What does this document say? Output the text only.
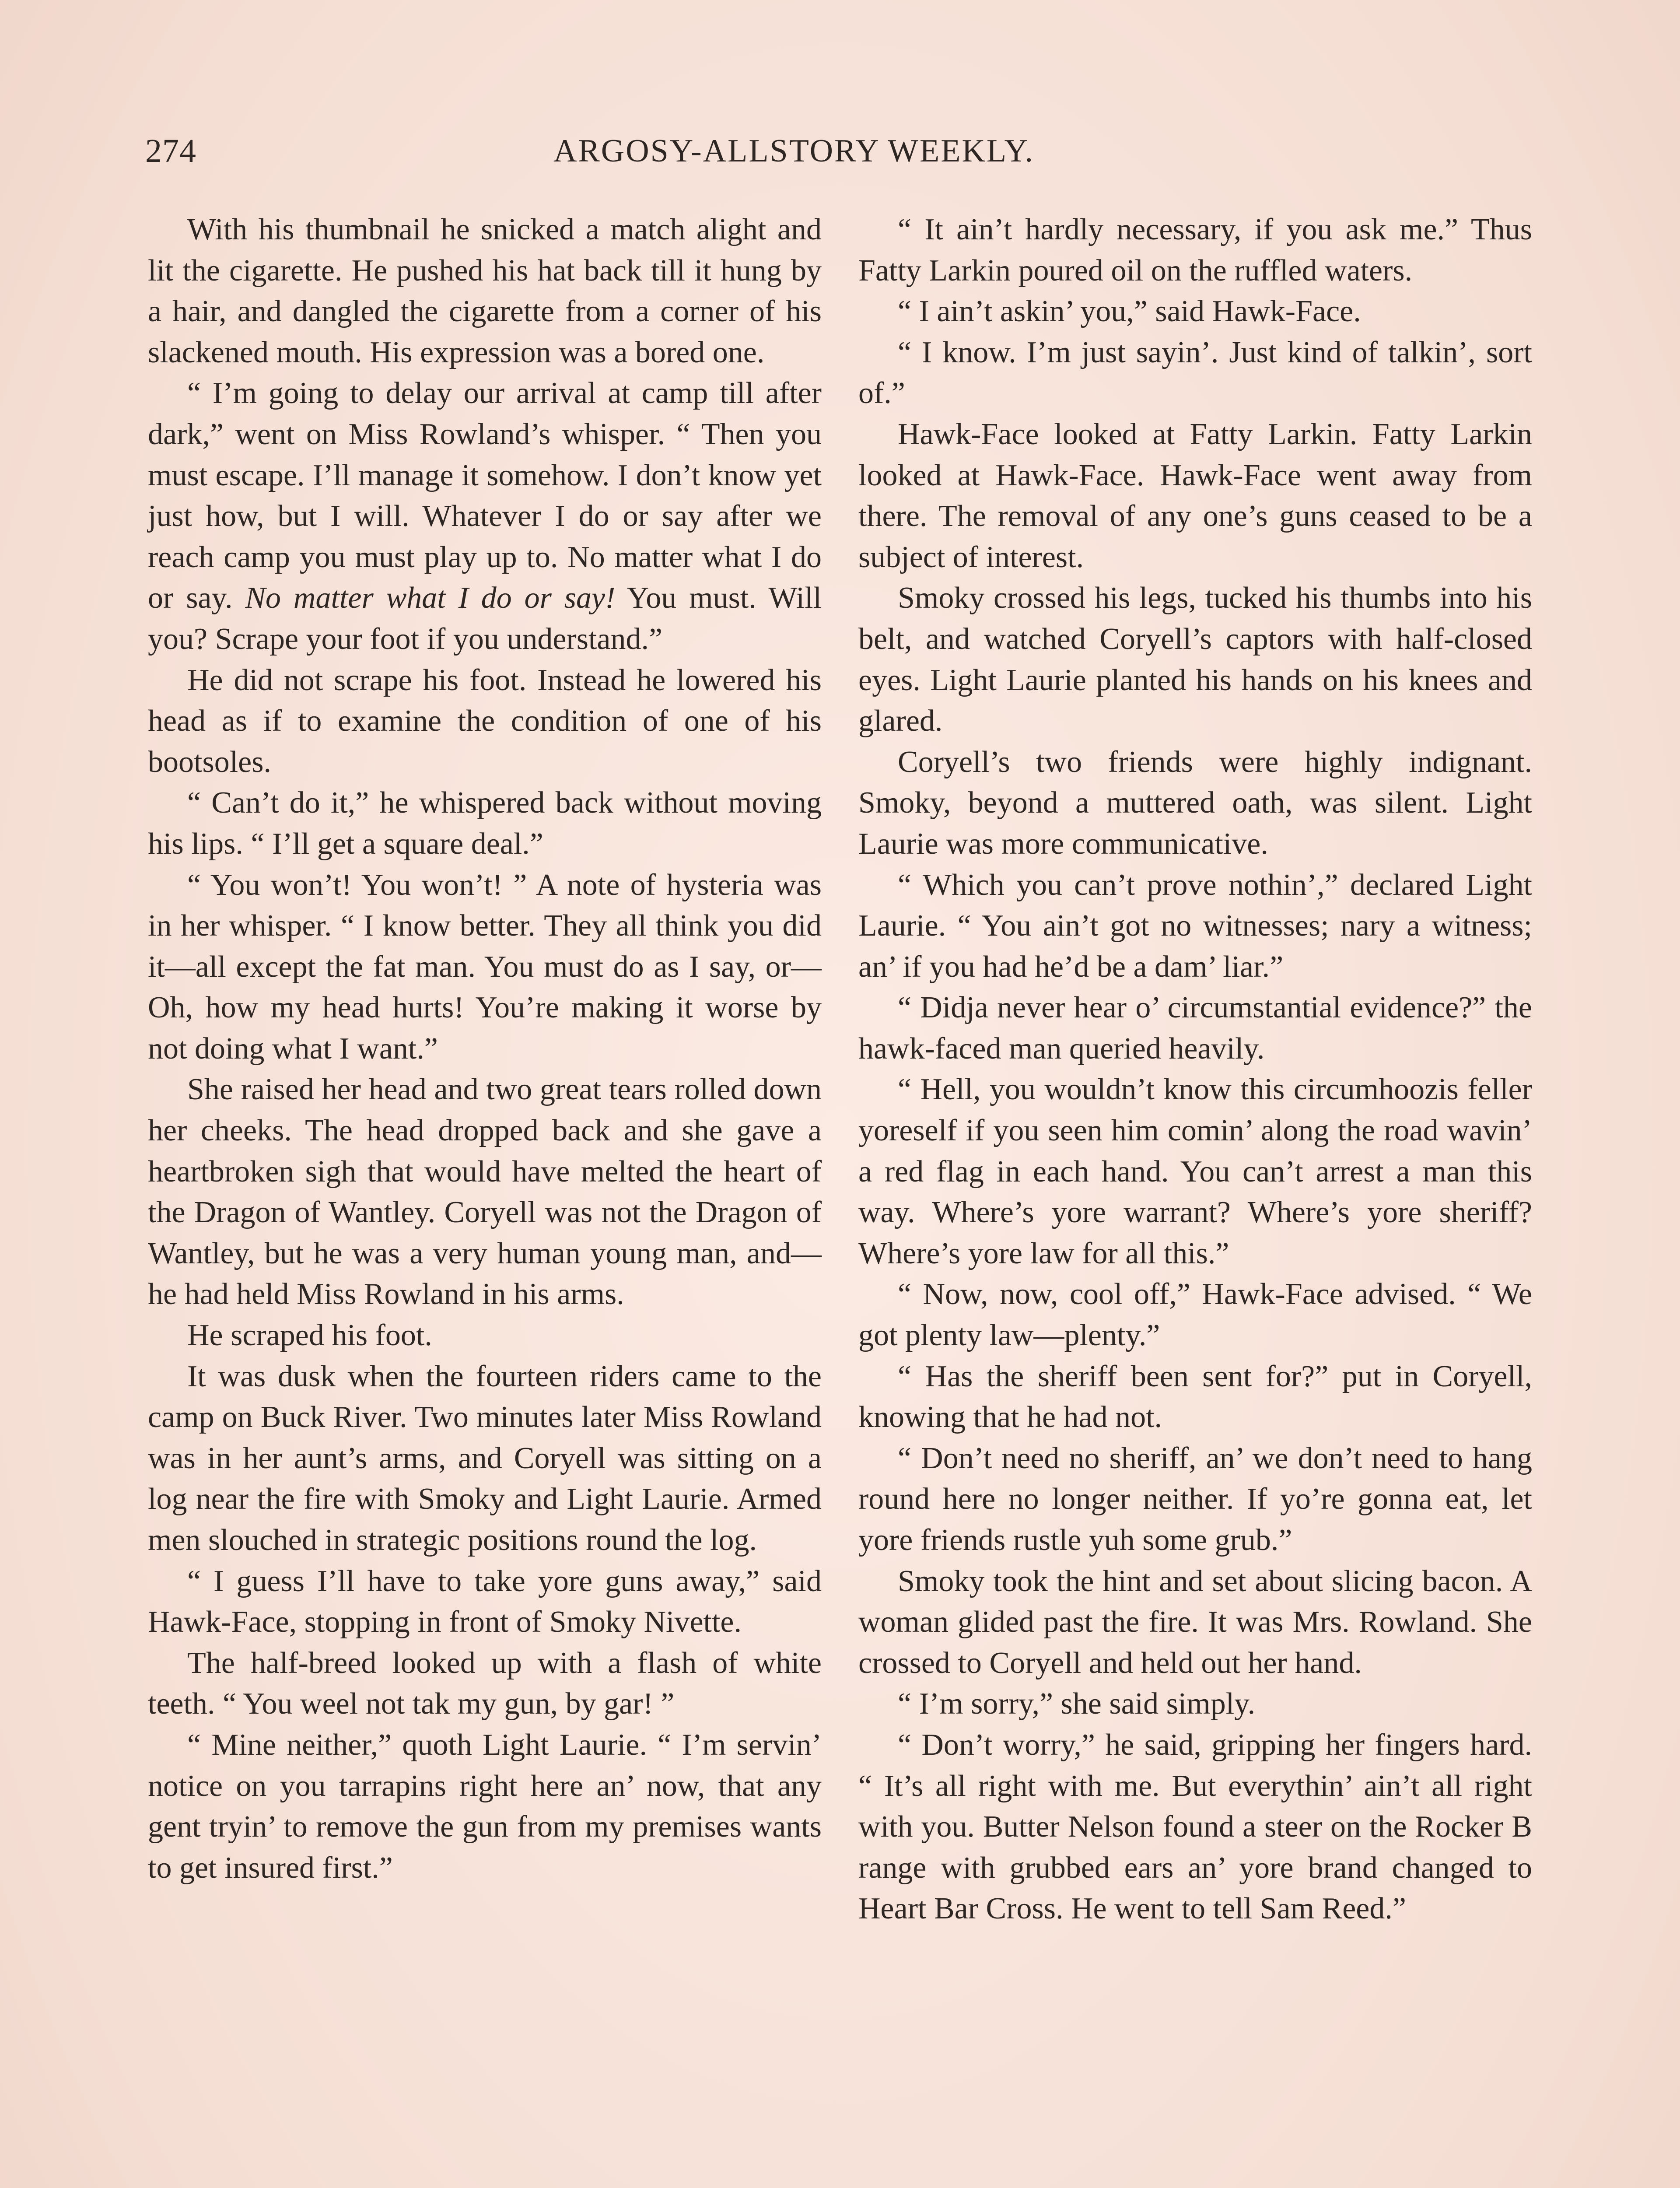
274	ARGOSY-ALLSTORY WEEKLY.

With his thumbnail he snicked a match alight and lit the cigarette. He pushed his hat back till it hung by a hair, and dangled the cigarette from a corner of his slackened mouth. His expression was a bored one.

“ I’m going to delay our arrival at camp till after dark,” went on Miss Rowland’s whisper. “ Then you must escape. I’ll manage it somehow. I don’t know yet just how, but I will. Whatever I do or say after we reach camp you must play up to. No matter what I do or say. No matter what I do or say! You must. Will you? Scrape your foot if you understand.”

He did not scrape his foot. Instead he lowered his head as if to examine the condition of one of his bootsoles.

“ Can’t do it,” he whispered back without moving his lips. “ I’ll get a square deal.”

“ You won’t! You won’t! ” A note of hysteria was in her whisper. “ I know better. They all think you did it—all except the fat man. You must do as I say, or— Oh, how my head hurts! You’re making it worse by not doing what I want.”

She raised her head and two great tears rolled down her cheeks. The head dropped back and she gave a heartbroken sigh that would have melted the heart of the Dragon of Wantley. Coryell was not the Dragon of Wantley, but he was a very human young man, and—he had held Miss Rowland in his arms.

He scraped his foot.

It was dusk when the fourteen riders came to the camp on Buck River. Two minutes later Miss Rowland was in her aunt’s arms, and Coryell was sitting on a log near the fire with Smoky and Light Laurie. Armed men slouched in strategic positions round the log.

“ I guess I’ll have to take yore guns away,” said Hawk-Face, stopping in front of Smoky Nivette.

The half-breed looked up with a flash of white teeth. “ You weel not tak my gun, by gar! ”

“ Mine neither,” quoth Light Laurie. “ I’m servin’ notice on you tarrapins right here an’ now, that any gent tryin’ to remove the gun from my premises wants to get insured first.”

“ It ain’t hardly necessary, if you ask me.” Thus Fatty Larkin poured oil on the ruffled waters.

“ I ain’t askin’ you,” said Hawk-Face.

“ I know. I’m just sayin’. Just kind of talkin’, sort of.”

Hawk-Face looked at Fatty Larkin. Fatty Larkin looked at Hawk-Face. Hawk-Face went away from there. The removal of any one’s guns ceased to be a subject of interest.

Smoky crossed his legs, tucked his thumbs into his belt, and watched Coryell’s captors with half-closed eyes. Light Laurie planted his hands on his knees and glared.

Coryell’s two friends were highly indignant. Smoky, beyond a muttered oath, was silent. Light Laurie was more communicative.

“ Which you can’t prove nothin’,” declared Light Laurie. “ You ain’t got no witnesses; nary a witness; an’ if you had he’d be a dam’ liar.”

“ Didja never hear o’ circumstantial evidence?” the hawk-faced man queried heavily.

“ Hell, you wouldn’t know this circumhoozis feller yoreself if you seen him comin’ along the road wavin’ a red flag in each hand. You can’t arrest a man this way. Where’s yore warrant? Where’s yore sheriff? Where’s yore law for all this.”

“ Now, now, cool off,” Hawk-Face advised. “ We got plenty law—plenty.”

“ Has the sheriff been sent for?” put in Coryell, knowing that he had not.

“ Don’t need no sheriff, an’ we don’t need to hang round here no longer neither. If yo’re gonna eat, let yore friends rustle yuh some grub.”

Smoky took the hint and set about slicing bacon. A woman glided past the fire. It was Mrs. Rowland. She crossed to Coryell and held out her hand.

“ I’m sorry,” she said simply.

“ Don’t worry,” he said, gripping her fingers hard. “ It’s all right with me. But everythin’ ain’t all right with you. Butter Nelson found a steer on the Rocker B range with grubbed ears an’ yore brand changed to Heart Bar Cross. He went to tell Sam Reed.”
